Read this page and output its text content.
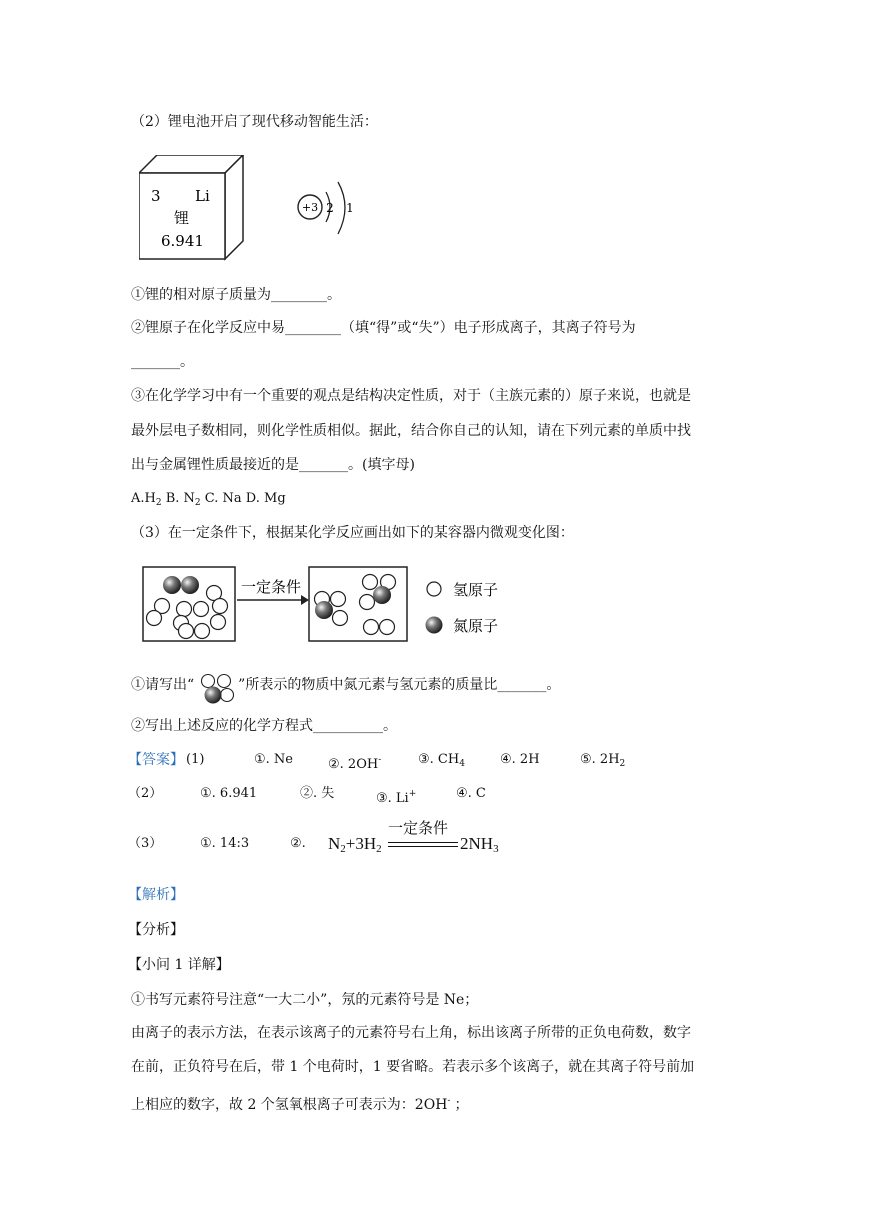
（2）锂电池开启了现代移动智能生活：
3 Li
锂
6.941
+3 2 1
①锂的相对原子质量为________。
②锂原子在化学反应中易________（填“得”或“失”）电子形成离子，其离子符号为
_______。
③在化学学习中有一个重要的观点是结构决定性质，对于（主族元素的）原子来说，也就是
最外层电子数相同，则化学性质相似。据此，结合你自己的认知，请在下列元素的单质中找
出与金属锂性质最接近的是_______。(填字母)
$A.H_2$ B. $N_2$ C. Na D. Mg
（3）在一定条件下，根据某化学反应画出如下的某容器内微观变化图：
一定条件	氢原子
氮原子
①请写出“	”所表示的物质中氮元素与氢元素的质量比_______。
②写出上述反应的化学方程式__________。
【答案】 (1)	①. Ne	②. 2OH-	③. $CH_4$	④. 2H	⑤. $2H_2$
（2）	①. 6.941	②. 失	③. Li+	④. C
（3）	①. 14:3	②. $N_2+3H_2$
一定条件
$2NH_3$
【解析】
【分析】
【小问 1 详解】
①书写元素符号注意“一大二小”，氖的元素符号是 Ne；
由离子的表示方法，在表示该离子的元素符号右上角，标出该离子所带的正负电荷数，数字
在前，正负符号在后，带 1 个电荷时，1 要省略。若表示多个该离子，就在其离子符号前加
上相应的数字，故 2 个氢氧根离子可表示为：2OH- ；
